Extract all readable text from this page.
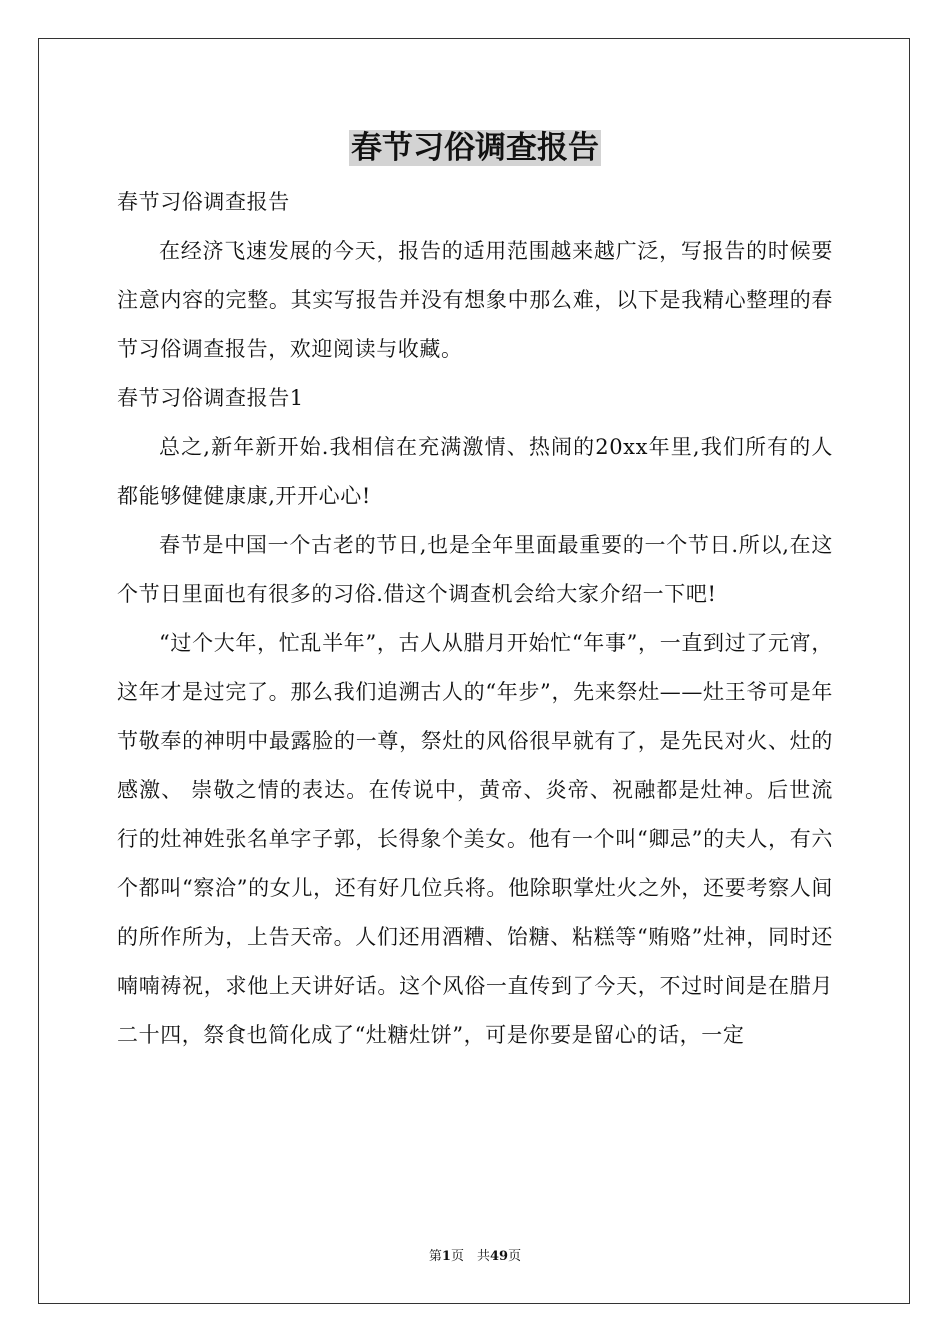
春节习俗调查报告

春节习俗调查报告

在经济飞速发展的今天，报告的适用范围越来越广泛，写报告的时候要注意内容的完整。其实写报告并没有想象中那么难，以下是我精心整理的春节习俗调查报告，欢迎阅读与收藏。

春节习俗调查报告1

总之,新年新开始.我相信在充满激情、热闹的20xx年里,我们所有的人都能够健健康康,开开心心!

春节是中国一个古老的节日,也是全年里面最重要的一个节日.所以,在这个节日里面也有很多的习俗.借这个调查机会给大家介绍一下吧!

“过个大年，忙乱半年”，古人从腊月开始忙“年事”，一直到过了元宵，这年才是过完了。那么我们追溯古人的“年步”，先来祭灶——灶王爷可是年节敬奉的神明中最露脸的一尊，祭灶的风俗很早就有了，是先民对火、灶的感激、 崇敬之情的表达。在传说中，黄帝、炎帝、祝融都是灶神。后世流行的灶神姓张名单字子郭，长得象个美女。他有一个叫“卿忌”的夫人，有六个都叫“察洽”的女儿，还有好几位兵将。他除职掌灶火之外，还要考察人间的所作所为，上告天帝。人们还用酒糟、饴糖、粘糕等“贿赂”灶神，同时还喃喃祷祝，求他上天讲好话。这个风俗一直传到了今天，不过时间是在腊月二十四，祭食也简化成了“灶糖灶饼”，可是你要是留心的话，一定

第1页　共49页
